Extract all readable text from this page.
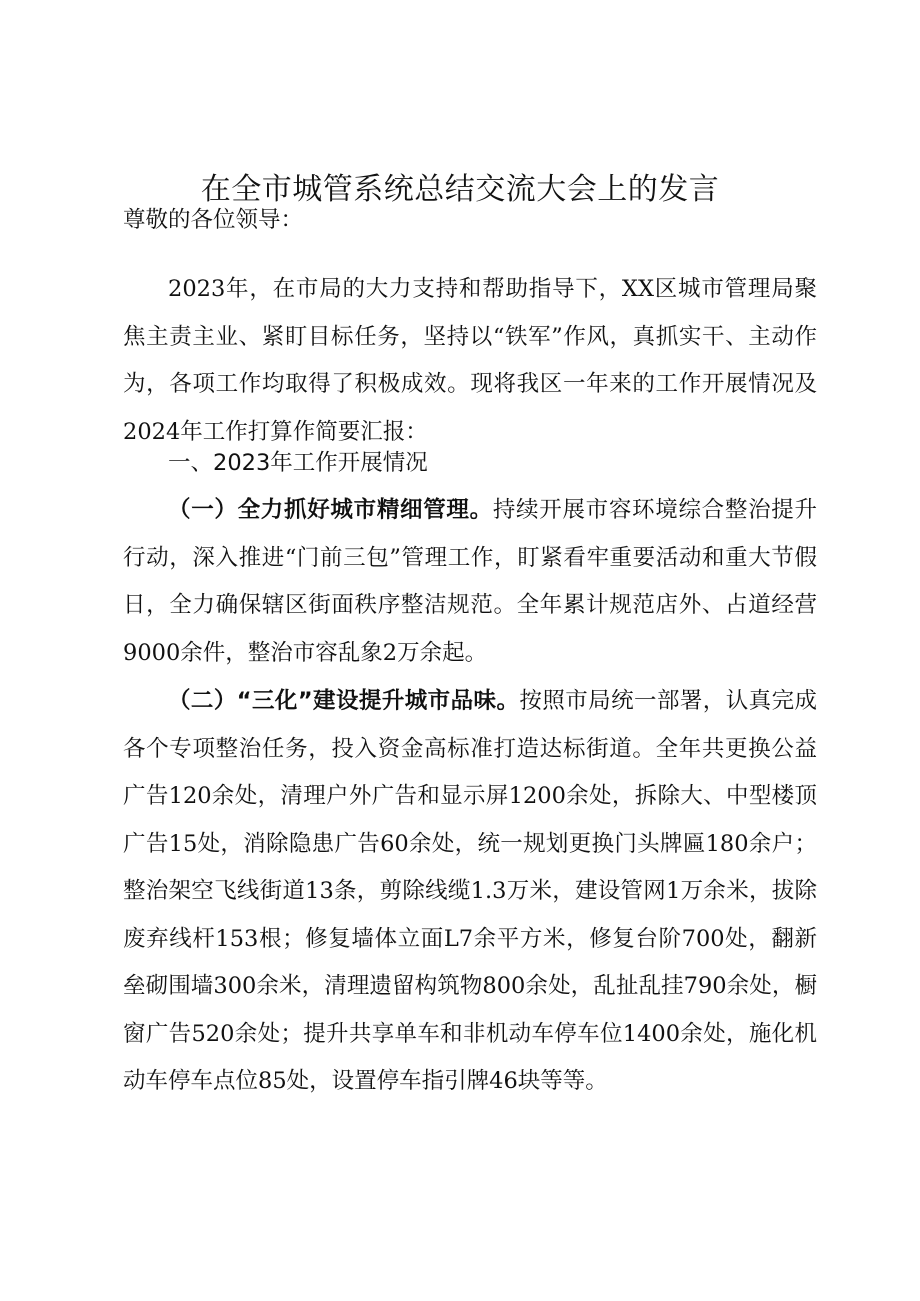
在全市城管系统总结交流大会上的发言

尊敬的各位领导：

2023年，在市局的大力支持和帮助指导下，XX区城市管理局聚焦主责主业、紧盯目标任务，坚持以“铁军”作风，真抓实干、主动作为，各项工作均取得了积极成效。现将我区一年来的工作开展情况及2024年工作打算作简要汇报：

一、2023年工作开展情况

（一）全力抓好城市精细管理。持续开展市容环境综合整治提升行动，深入推进“门前三包”管理工作，盯紧看牢重要活动和重大节假日，全力确保辖区街面秩序整洁规范。全年累计规范店外、占道经营9000余件，整治市容乱象2万余起。

（二）“三化”建设提升城市品味。按照市局统一部署，认真完成各个专项整治任务，投入资金高标准打造达标街道。全年共更换公益广告120余处，清理户外广告和显示屏1200余处，拆除大、中型楼顶广告15处，消除隐患广告60余处，统一规划更换门头牌匾180余户；整治架空飞线街道13条，剪除线缆1.3万米，建设管网1万余米，拔除废弃线杆153根；修复墙体立面L7余平方米，修复台阶700处，翻新垒砌围墙300余米，清理遗留构筑物800余处，乱扯乱挂790余处，橱窗广告520余处；提升共享单车和非机动车停车位1400余处，施化机动车停车点位85处，设置停车指引牌46块等等。
